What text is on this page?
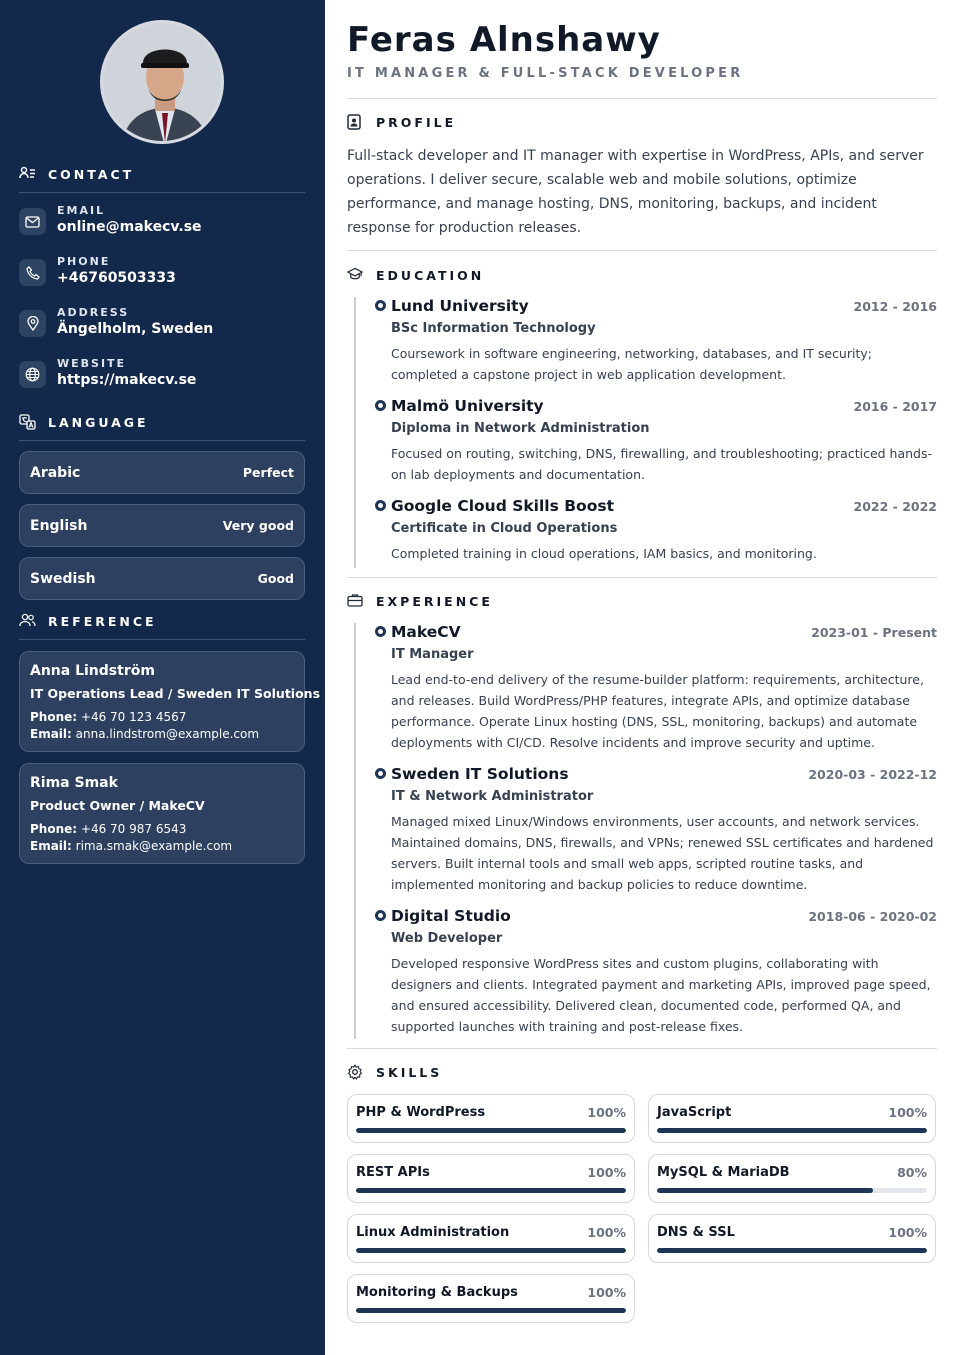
CONTACT
EMAIL
online@makecv.se
PHONE
+46760503333
ADDRESS
Ängelholm, Sweden
WEBSITE
https://makecv.se
LANGUAGE
Arabic	Perfect
English	Very good
Swedish	Good
REFERENCE
Anna Lindström
IT Operations Lead / Sweden IT Solutions
Phone: +46 70 123 4567
Email: anna.lindstrom@example.com
Rima Smak
Product Owner / MakeCV
Phone: +46 70 987 6543
Email: rima.smak@example.com
Feras Alnshawy
IT MANAGER & FULL-STACK DEVELOPER
PROFILE
Full-stack developer and IT manager with expertise in WordPress, APIs, and server operations. I deliver secure, scalable web and mobile solutions, optimize performance, and manage hosting, DNS, monitoring, backups, and incident response for production releases.
EDUCATION
Lund University	2012 - 2016
BSc Information Technology
Coursework in software engineering, networking, databases, and IT security; completed a capstone project in web application development.
Malmö University	2016 - 2017
Diploma in Network Administration
Focused on routing, switching, DNS, firewalling, and troubleshooting; practiced hands-on lab deployments and documentation.
Google Cloud Skills Boost	2022 - 2022
Certificate in Cloud Operations
Completed training in cloud operations, IAM basics, and monitoring.
EXPERIENCE
MakeCV	2023-01 - Present
IT Manager
Lead end-to-end delivery of the resume-builder platform: requirements, architecture, and releases. Build WordPress/PHP features, integrate APIs, and optimize database performance. Operate Linux hosting (DNS, SSL, monitoring, backups) and automate deployments with CI/CD. Resolve incidents and improve security and uptime.
Sweden IT Solutions	2020-03 - 2022-12
IT & Network Administrator
Managed mixed Linux/Windows environments, user accounts, and network services. Maintained domains, DNS, firewalls, and VPNs; renewed SSL certificates and hardened servers. Built internal tools and small web apps, scripted routine tasks, and implemented monitoring and backup policies to reduce downtime.
Digital Studio	2018-06 - 2020-02
Web Developer
Developed responsive WordPress sites and custom plugins, collaborating with designers and clients. Integrated payment and marketing APIs, improved page speed, and ensured accessibility. Delivered clean, documented code, performed QA, and supported launches with training and post-release fixes.
SKILLS
PHP & WordPress	100% JavaScript	100%
REST APIs	100% MySQL & MariaDB	80%
Linux Administration	100% DNS & SSL	100%
Monitoring & Backups	100%
